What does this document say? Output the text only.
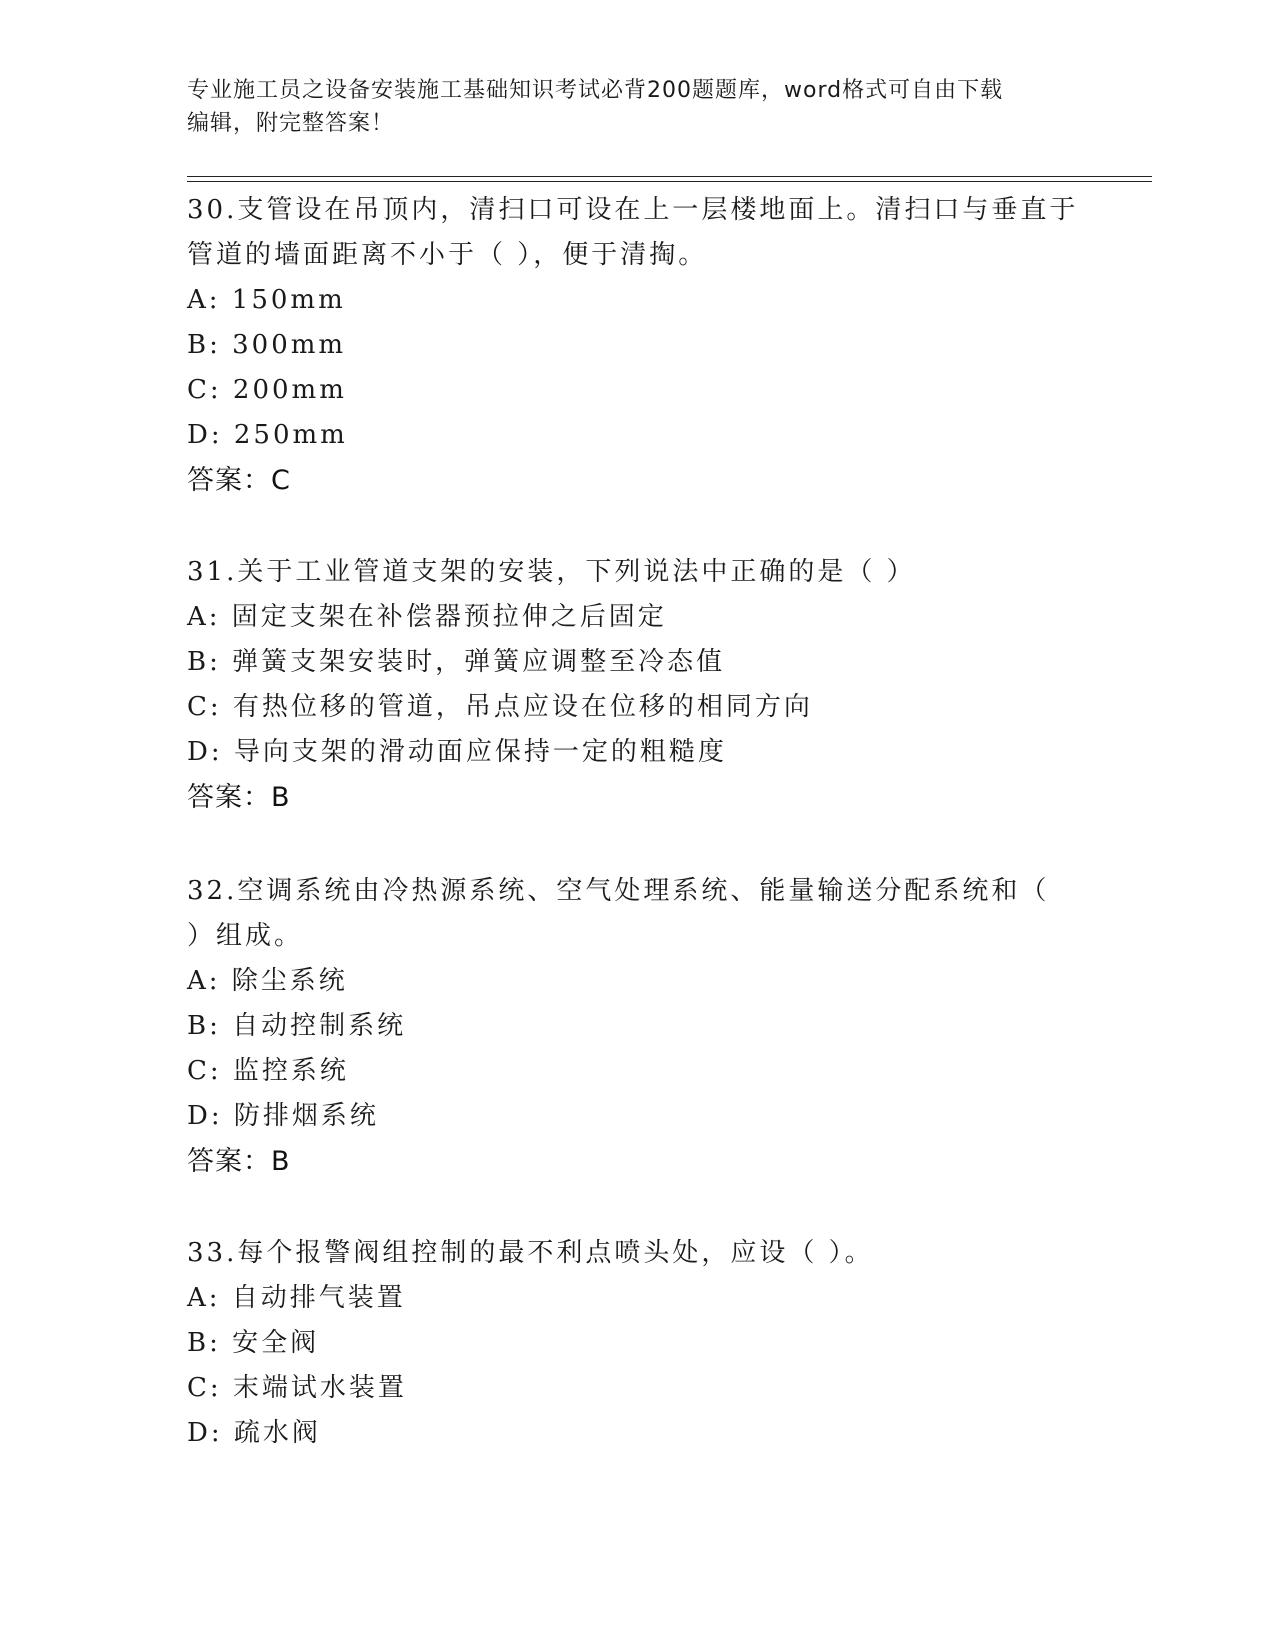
专业施工员之设备安装施工基础知识考试必背200题题库，word格式可自由下载

编辑，附完整答案！

30.支管设在吊顶内，清扫口可设在上一层楼地面上。清扫口与垂直于

管道的墙面距离不小于（ ），便于清掏。

A: 150mm

B: 300mm

C: 200mm

D: 250mm

答案：C

31.关于工业管道支架的安装，下列说法中正确的是（ ）

A: 固定支架在补偿器预拉伸之后固定

B: 弹簧支架安装时，弹簧应调整至冷态值

C: 有热位移的管道，吊点应设在位移的相同方向

D: 导向支架的滑动面应保持一定的粗糙度

答案：B

32.空调系统由冷热源系统、空气处理系统、能量输送分配系统和（

）组成。

A: 除尘系统

B: 自动控制系统

C: 监控系统

D: 防排烟系统

答案：B

33.每个报警阀组控制的最不利点喷头处，应设（ ）。

A: 自动排气装置

B: 安全阀

C: 末端试水装置

D: 疏水阀
